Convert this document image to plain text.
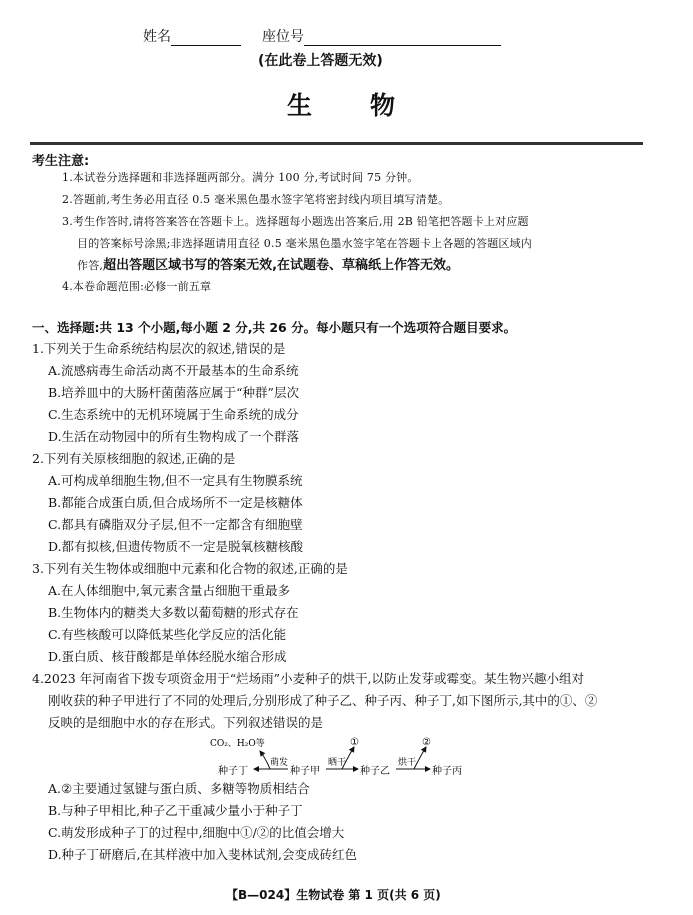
姓名	座位号
(在此卷上答题无效)
生物
考生注意:
1.本试卷分选择题和非选择题两部分。满分 100 分,考试时间 75 分钟。
2.答题前,考生务必用直径 0.5 毫米黑色墨水签字笔将密封线内项目填写清楚。
3.考生作答时,请将答案答在答题卡上。选择题每小题选出答案后,用 2B 铅笔把答题卡上对应题
目的答案标号涂黑;非选择题请用直径 0.5 毫米黑色墨水签字笔在答题卡上各题的答题区域内
作答,超出答题区域书写的答案无效,在试题卷、草稿纸上作答无效。
4.本卷命题范围:必修一前五章
一、选择题:共 13 个小题,每小题 2 分,共 26 分。每小题只有一个选项符合题目要求。
1.下列关于生命系统结构层次的叙述,错误的是
A.流感病毒生命活动离不开最基本的生命系统
B.培养皿中的大肠杆菌菌落应属于“种群”层次
C.生态系统中的无机环境属于生命系统的成分
D.生活在动物园中的所有生物构成了一个群落
2.下列有关原核细胞的叙述,正确的是
A.可构成单细胞生物,但不一定具有生物膜系统
B.都能合成蛋白质,但合成场所不一定是核糖体
C.都具有磷脂双分子层,但不一定都含有细胞壁
D.都有拟核,但遗传物质不一定是脱氧核糖核酸
3.下列有关生物体或细胞中元素和化合物的叙述,正确的是
A.在人体细胞中,氧元素含量占细胞干重最多
B.生物体内的糖类大多数以葡萄糖的形式存在
C.有些核酸可以降低某些化学反应的活化能
D.蛋白质、核苷酸都是单体经脱水缩合形成
4.2023 年河南省下拨专项资金用于“烂场雨”小麦种子的烘干,以防止发芽或霉变。某生物兴趣小组对
刚收获的种子甲进行了不同的处理后,分别形成了种子乙、种子丙、种子丁,如下图所示,其中的①、②
反映的是细胞中水的存在形式。下列叙述错误的是
CO₂、H₂O等
种子丁
萌发
种子甲
晒干
①
种子乙
烘干
②
种子丙
A.②主要通过氢键与蛋白质、多糖等物质相结合
B.与种子甲相比,种子乙干重减少量小于种子丁
C.萌发形成种子丁的过程中,细胞中①/②的比值会增大
D.种子丁研磨后,在其样液中加入斐林试剂,会变成砖红色
【B—024】生物试卷 第 1 页(共 6 页)
